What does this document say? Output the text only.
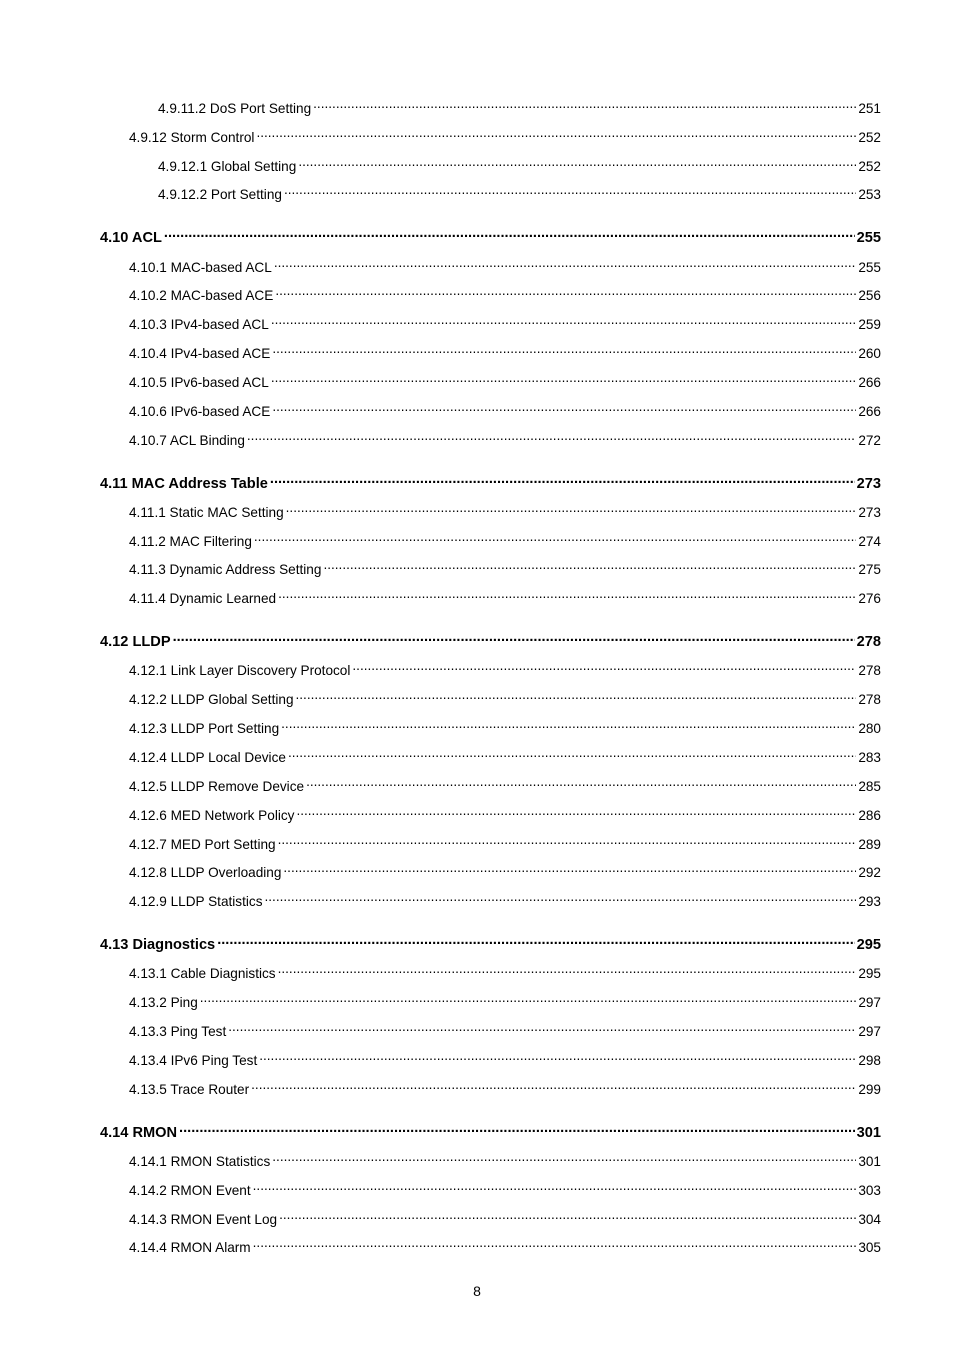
4.9.11.2 DoS Port Setting .....	251
4.9.12 Storm Control .....	252
4.9.12.1 Global Setting .....	252
4.9.12.2 Port Setting .....	253
4.10 ACL .....	255
4.10.1 MAC-based ACL .....	255
4.10.2 MAC-based ACE .....	256
4.10.3 IPv4-based ACL .....	259
4.10.4 IPv4-based ACE .....	260
4.10.5 IPv6-based ACL .....	266
4.10.6 IPv6-based ACE .....	266
4.10.7 ACL Binding .....	272
4.11 MAC Address Table .....	273
4.11.1 Static MAC Setting .....	273
4.11.2 MAC Filtering .....	274
4.11.3 Dynamic Address Setting .....	275
4.11.4 Dynamic Learned .....	276
4.12 LLDP .....	278
4.12.1 Link Layer Discovery Protocol .....	278
4.12.2 LLDP Global Setting .....	278
4.12.3 LLDP Port Setting .....	280
4.12.4 LLDP Local Device .....	283
4.12.5 LLDP Remove Device .....	285
4.12.6 MED Network Policy .....	286
4.12.7 MED Port Setting .....	289
4.12.8 LLDP Overloading .....	292
4.12.9 LLDP Statistics .....	293
4.13 Diagnostics .....	295
4.13.1 Cable Diagnistics .....	295
4.13.2 Ping .....	297
4.13.3 Ping Test .....	297
4.13.4 IPv6 Ping Test .....	298
4.13.5 Trace Router .....	299
4.14 RMON .....	301
4.14.1 RMON Statistics .....	301
4.14.2 RMON Event .....	303
4.14.3 RMON Event Log .....	304
4.14.4 RMON Alarm .....	305
8
